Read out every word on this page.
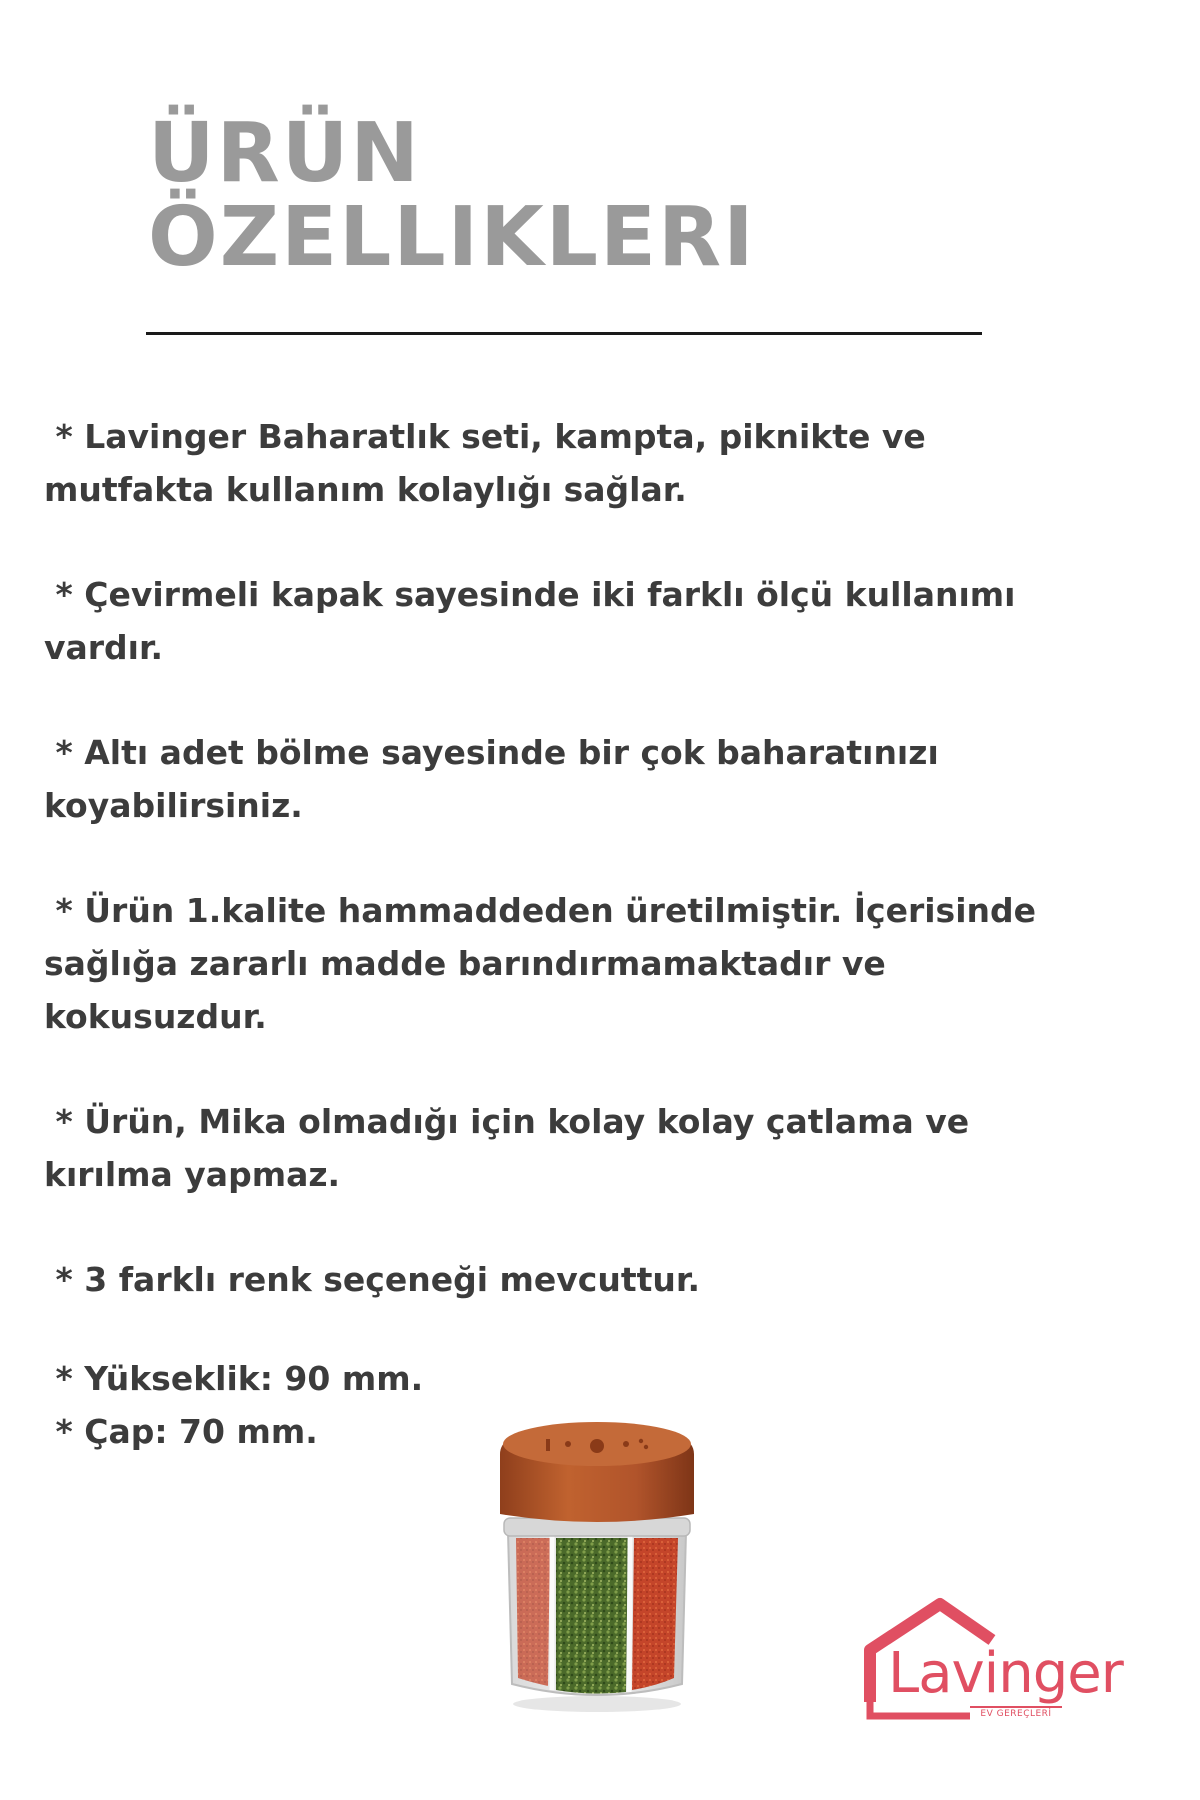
ÜRÜN
ÖZELLIKLERI
* Lavinger Baharatlık seti, kampta, piknikte ve
mutfakta kullanım kolaylığı sağlar.
* Çevirmeli kapak sayesinde iki farklı ölçü kullanımı
vardır.
* Altı adet bölme sayesinde bir çok baharatınızı
koyabilirsiniz.
* Ürün 1.kalite hammaddeden üretilmiştir. İçerisinde
sağlığa zararlı madde barındırmamaktadır ve
kokusuzdur.
* Ürün, Mika olmadığı için kolay kolay çatlama ve
kırılma yapmaz.
* 3 farklı renk seçeneği mevcuttur.
* Yükseklik: 90 mm.
* Çap: 70 mm.
Lavinger
EV GEREÇLERİ
